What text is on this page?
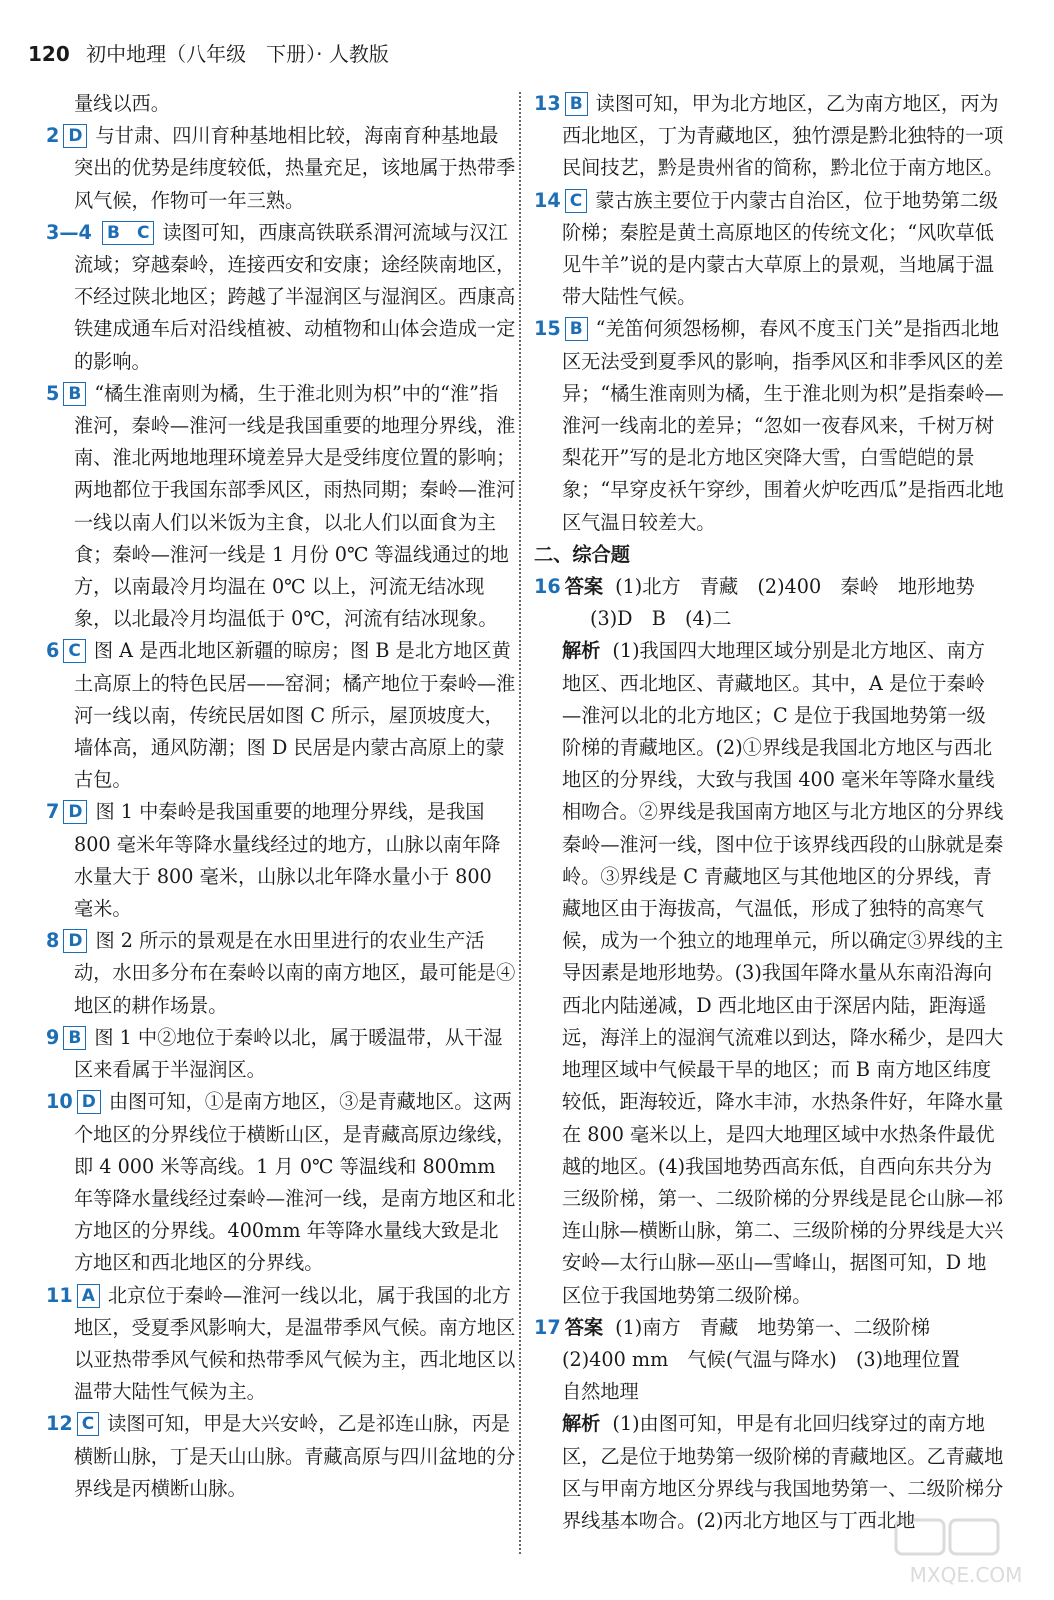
120 初中地理（八年级　下册）· 人教版

量线以西。

2 D 与甘肃、四川育种基地相比较，海南育种基地最突出的优势是纬度较低，热量充足，该地属于热带季风气候，作物可一年三熟。

3—4 B　C 读图可知，西康高铁联系渭河流域与汉江流域；穿越秦岭，连接西安和安康；途经陕南地区，不经过陕北地区；跨越了半湿润区与湿润区。西康高铁建成通车后对沿线植被、动植物和山体会造成一定的影响。

5 B “橘生淮南则为橘，生于淮北则为枳”中的“淮”指淮河，秦岭—淮河一线是我国重要的地理分界线，淮南、淮北两地地理环境差异大是受纬度位置的影响；两地都位于我国东部季风区，雨热同期；秦岭—淮河一线以南人们以米饭为主食，以北人们以面食为主食；秦岭—淮河一线是 1 月份 0℃ 等温线通过的地方，以南最冷月均温在 0℃ 以上，河流无结冰现象，以北最冷月均温低于 0℃，河流有结冰现象。

6 C 图 A 是西北地区新疆的晾房；图 B 是北方地区黄土高原上的特色民居——窑洞；橘产地位于秦岭—淮河一线以南，传统民居如图 C 所示，屋顶坡度大，墙体高，通风防潮；图 D 民居是内蒙古高原上的蒙古包。

7 D 图 1 中秦岭是我国重要的地理分界线，是我国 800 毫米年等降水量线经过的地方，山脉以南年降水量大于 800 毫米，山脉以北年降水量小于 800 毫米。

8 D 图 2 所示的景观是在水田里进行的农业生产活动，水田多分布在秦岭以南的南方地区，最可能是④地区的耕作场景。

9 B 图 1 中②地位于秦岭以北，属于暖温带，从干湿区来看属于半湿润区。

10 D 由图可知，①是南方地区，③是青藏地区。这两个地区的分界线位于横断山区，是青藏高原边缘线，即 4 000 米等高线。1 月 0℃ 等温线和 800mm 年等降水量线经过秦岭—淮河一线，是南方地区和北方地区的分界线。400mm 年等降水量线大致是北方地区和西北地区的分界线。

11 A 北京位于秦岭—淮河一线以北，属于我国的北方地区，受夏季风影响大，是温带季风气候。南方地区以亚热带季风气候和热带季风气候为主，西北地区以温带大陆性气候为主。

12 C 读图可知，甲是大兴安岭，乙是祁连山脉，丙是横断山脉，丁是天山山脉。青藏高原与四川盆地的分界线是丙横断山脉。

13 B 读图可知，甲为北方地区，乙为南方地区，丙为西北地区，丁为青藏地区，独竹漂是黔北独特的一项民间技艺，黔是贵州省的简称，黔北位于南方地区。

14 C 蒙古族主要位于内蒙古自治区，位于地势第二级阶梯；秦腔是黄土高原地区的传统文化；“风吹草低见牛羊”说的是内蒙古大草原上的景观，当地属于温带大陆性气候。

15 B “羌笛何须怨杨柳，春风不度玉门关”是指西北地区无法受到夏季风的影响，指季风区和非季风区的差异；“橘生淮南则为橘，生于淮北则为枳”是指秦岭—淮河一线南北的差异；“忽如一夜春风来，千树万树梨花开”写的是北方地区突降大雪，白雪皑皑的景象；“早穿皮袄午穿纱，围着火炉吃西瓜”是指西北地区气温日较差大。

二、综合题

16 答案 (1)北方　青藏　(2)400　秦岭　地形地势
(3)D　B　(4)二
解析 (1)我国四大地理区域分别是北方地区、南方地区、西北地区、青藏地区。其中，A 是位于秦岭—淮河以北的北方地区；C 是位于我国地势第一级阶梯的青藏地区。(2)①界线是我国北方地区与西北地区的分界线，大致与我国 400 毫米年等降水量线相吻合。②界线是我国南方地区与北方地区的分界线秦岭—淮河一线，图中位于该界线西段的山脉就是秦岭。③界线是 C 青藏地区与其他地区的分界线，青藏地区由于海拔高，气温低，形成了独特的高寒气候，成为一个独立的地理单元，所以确定③界线的主导因素是地形地势。(3)我国年降水量从东南沿海向西北内陆递减，D 西北地区由于深居内陆，距海遥远，海洋上的湿润气流难以到达，降水稀少，是四大地理区域中气候最干旱的地区；而 B 南方地区纬度较低，距海较近，降水丰沛，水热条件好，年降水量在 800 毫米以上，是四大地理区域中水热条件最优越的地区。(4)我国地势西高东低，自西向东共分为三级阶梯，第一、二级阶梯的分界线是昆仑山脉—祁连山脉—横断山脉，第二、三级阶梯的分界线是大兴安岭—太行山脉—巫山—雪峰山，据图可知，D 地区位于我国地势第二级阶梯。
17 答案 (1)南方　青藏　地势第一、二级阶梯
(2)400 mm　气候(气温与降水)　(3)地理位置
自然地理
解析 (1)由图可知，甲是有北回归线穿过的南方地区，乙是位于地势第一级阶梯的青藏地区。乙青藏地区与甲南方地区分界线与我国地势第一、二级阶梯分界线基本吻合。(2)丙北方地区与丁西北地
MXQE.COM
